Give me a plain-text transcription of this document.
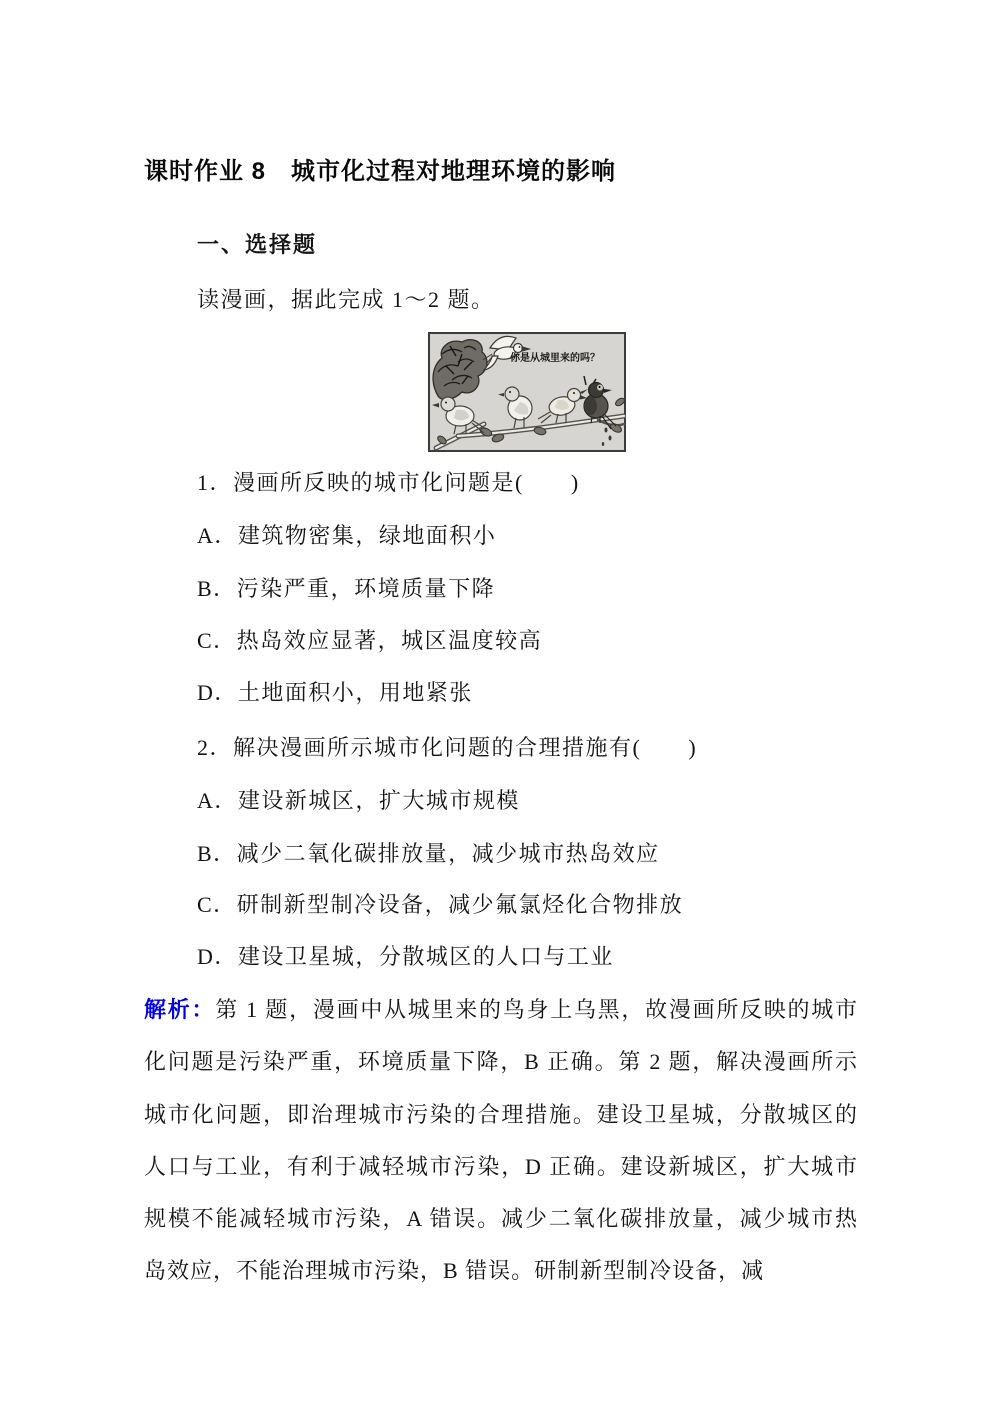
课时作业 8　城市化过程对地理环境的影响
一、选择题
读漫画，据此完成 1～2 题。
你是从城里来的吗？
1．漫画所反映的城市化问题是(　　)
A．建筑物密集，绿地面积小
B．污染严重，环境质量下降
C．热岛效应显著，城区温度较高
D．土地面积小，用地紧张
2．解决漫画所示城市化问题的合理措施有(　　)
A．建设新城区，扩大城市规模
B．减少二氧化碳排放量，减少城市热岛效应
C．研制新型制冷设备，减少氟氯烃化合物排放
D．建设卫星城，分散城区的人口与工业
解析：第 1 题，漫画中从城里来的鸟身上乌黑，故漫画所反映的城市
化问题是污染严重，环境质量下降，B 正确。第 2 题，解决漫画所示
城市化问题，即治理城市污染的合理措施。建设卫星城，分散城区的
人口与工业，有利于减轻城市污染，D 正确。建设新城区，扩大城市
规模不能减轻城市污染，A 错误。减少二氧化碳排放量，减少城市热
岛效应，不能治理城市污染，B 错误。研制新型制冷设备，减
